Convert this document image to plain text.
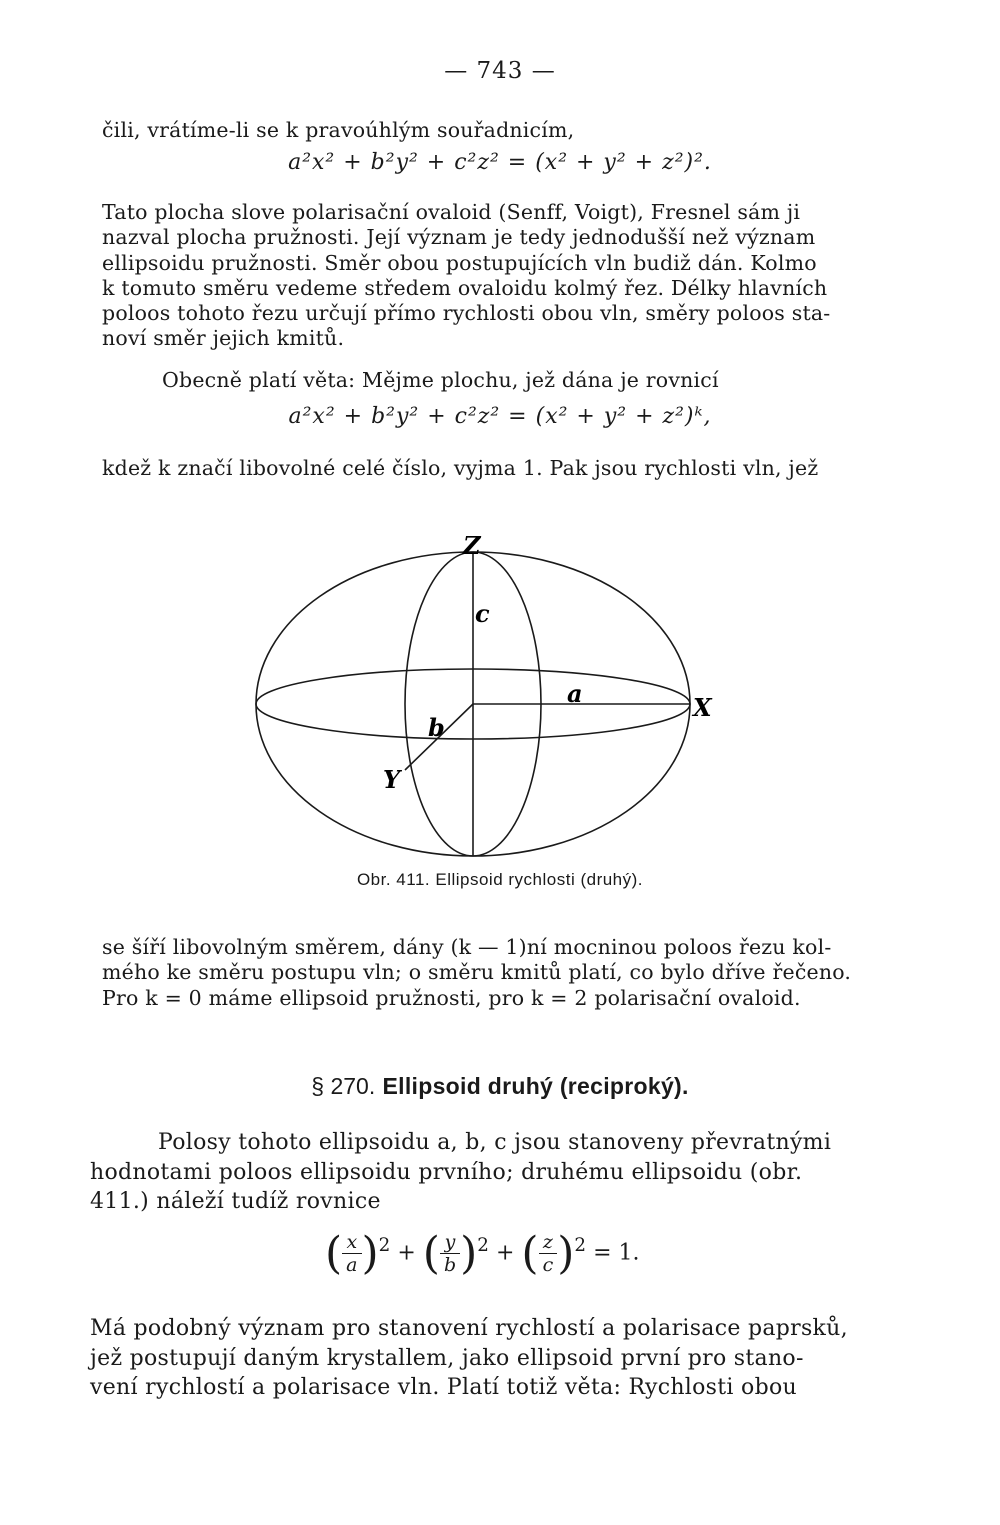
— 743 —
čili, vrátíme-li se k pravoúhlým souřadnicím,
a²x² + b²y² + c²z² = (x² + y² + z²)².
Tato plocha slove polarisační ovaloid (Senff, Voigt), Fresnel sám ji
nazval plocha pružnosti. Její význam je tedy jednodušší než význam
ellipsoidu pružnosti. Směr obou postupujících vln budiž dán. Kolmo
k tomuto směru vedeme středem ovaloidu kolmý řez. Délky hlavních
poloos tohoto řezu určují přímo rychlosti obou vln, směry poloos sta-
noví směr jejich kmitů.
Obecně platí věta: Mějme plochu, jež dána je rovnicí
a²x² + b²y² + c²z² = (x² + y² + z²)ᵏ,
kdež k značí libovolné celé číslo, vyjma 1. Pak jsou rychlosti vln, jež
Z
c
a	X
b
Y
Obr. 411. Ellipsoid rychlosti (druhý).
se šíří libovolným směrem, dány (k — 1)ní mocninou poloos řezu kol-
mého ke směru postupu vln; o směru kmitů platí, co bylo dříve řečeno.
Pro k = 0 máme ellipsoid pružnosti, pro k = 2 polarisační ovaloid.
§ 270. Ellipsoid druhý (reciproký).
Polosy tohoto ellipsoidu a, b, c jsou stanoveny převratnými
hodnotami poloos ellipsoidu prvního; druhému ellipsoidu (obr.
411.) náleží tudíž rovnice
( $\frac{x}{a} )^2$ + ( $\frac{y}{b} )^2$ + ( $\frac{z}{c} )^2 = 1$.
Má podobný význam pro stanovení rychlostí a polarisace paprsků,
jež postupují daným krystallem, jako ellipsoid první pro stano-
vení rychlostí a polarisace vln. Platí totiž věta: Rychlosti obou
